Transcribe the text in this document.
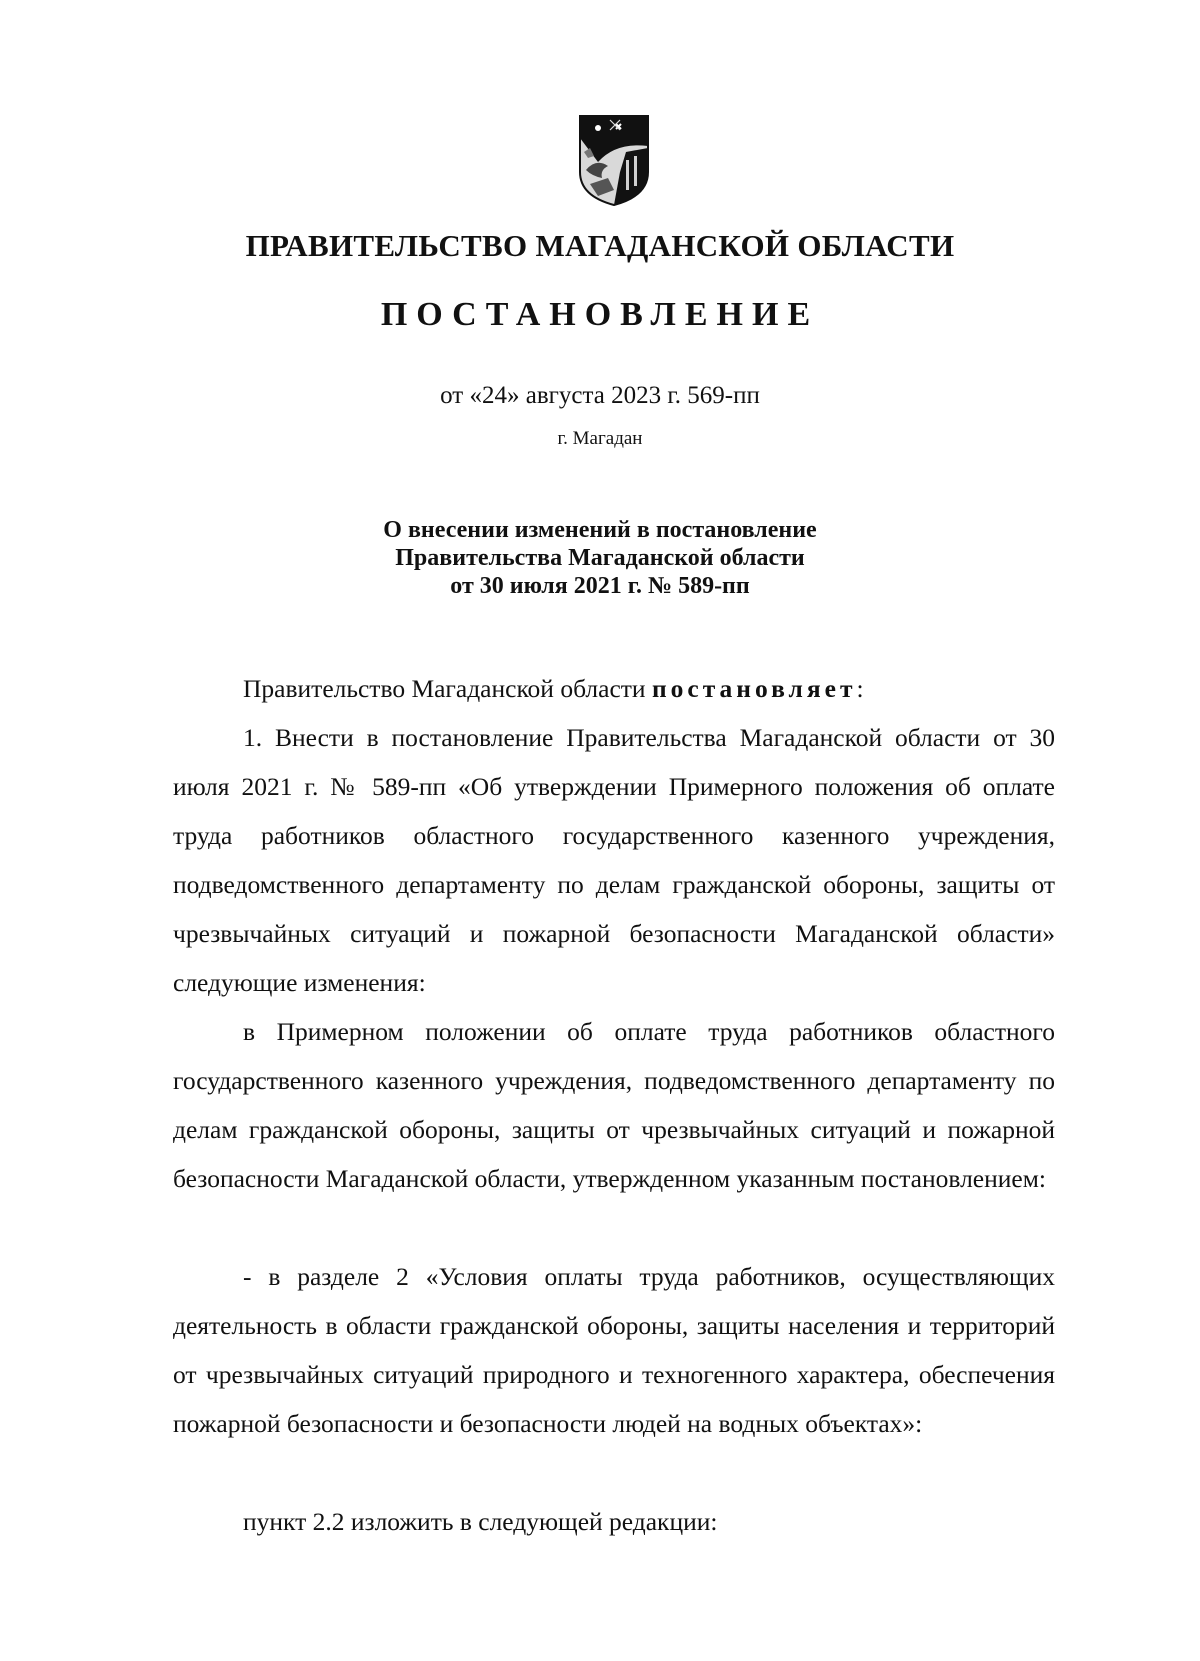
ПРАВИТЕЛЬСТВО МАГАДАНСКОЙ ОБЛАСТИ
ПОСТАНОВЛЕНИЕ
от «24» августа 2023 г. 569-пп
г. Магадан
О внесении изменений в постановление
Правительства Магаданской области
от 30 июля 2021 г. № 589-пп
Правительство Магаданской области постановляет:
1. Внести в постановление Правительства Магаданской области от 30 июля 2021 г. № 589-пп «Об утверждении Примерного положения об оплате труда работников областного государственного казенного учреждения, подведомственного департаменту по делам гражданской обороны, защиты от чрезвычайных ситуаций и пожарной безопасности Магаданской области» следующие изменения:
в Примерном положении об оплате труда работников областного государственного казенного учреждения, подведомственного департаменту по делам гражданской обороны, защиты от чрезвычайных ситуаций и пожарной безопасности Магаданской области, утвержденном указанным постановлением:
- в разделе 2 «Условия оплаты труда работников, осуществляющих деятельность в области гражданской обороны, защиты населения и территорий от чрезвычайных ситуаций природного и техногенного характера, обеспечения пожарной безопасности и безопасности людей на водных объектах»:
пункт 2.2 изложить в следующей редакции:
